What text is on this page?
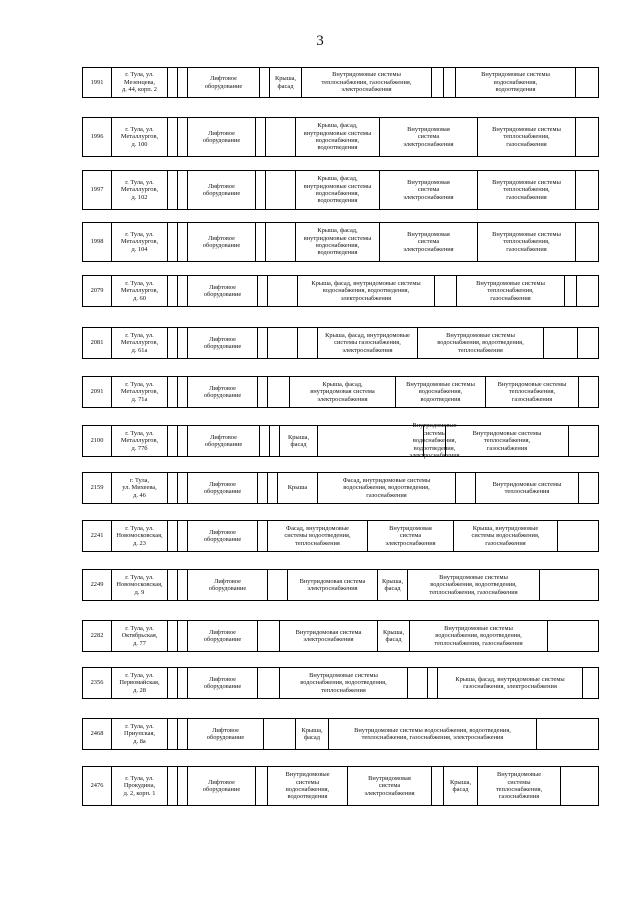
3
1991
г. Тула, ул.
Мезенцева,
д. 44, корп. 2
Лифтовое
оборудование
Крыша,
фасад
Внутридомовые системы
теплоснабжения, газоснабжения,
электроснабжения
Внутридомовые системы
водоснабжения,
водоотведения
1996
г. Тула, ул.
Металлургов,
д. 100
Лифтовое
оборудование
Крыша, фасад,
внутридомовые системы
водоснабжения,
водоотведения
Внутридомовая
система
электроснабжения
Внутридомовые системы
теплоснабжения,
газоснабжения
1997
г. Тула, ул.
Металлургов,
д. 102
Лифтовое
оборудование
Крыша, фасад,
внутридомовые системы
водоснабжения,
водоотведения
Внутридомовая
система
электроснабжения
Внутридомовые системы
теплоснабжения,
газоснабжения
1998
г. Тула, ул.
Металлургов,
д. 104
Лифтовое
оборудование
Крыша, фасад,
внутридомовые системы
водоснабжения,
водоотведения
Внутридомовая
система
электроснабжения
Внутридомовые системы
теплоснабжения,
газоснабжения
2079
г. Тула, ул.
Металлургов,
д. 60
Лифтовое
оборудование
Крыша, фасад, внутридомовые системы
водоснабжения, водоотведения,
электроснабжения
Внутридомовые системы
теплоснабжения,
газоснабжения
2081
г. Тула, ул.
Металлургов,
д. 61а
Лифтовое
оборудование
Крыша, фасад, внутридомовые
системы газоснабжения,
электроснабжения
Внутридомовые системы
водоснабжения, водоотведения,
теплоснабжения
2091
г. Тула, ул.
Металлургов,
д. 71а
Лифтовое
оборудование
Крыша, фасад,
внутридомовая система
электроснабжения
Внутридомовые системы
водоснабжения,
водоотведения
Внутридомовые системы
теплоснабжения,
газоснабжения
2100
г. Тула, ул.
Металлургов,
д. 77б
Лифтовое
оборудование
Крыша,
фасад
Внутридомовые системы
водоснабжения, водоотведения,
электроснабжения
Внутридомовые системы
теплоснабжения,
газоснабжения
2159
г. Тула,
ул. Михеева,
д. 46
Лифтовое
оборудование
Крыша
Фасад, внутридомовые системы
водоснабжения, водоотведения,
газоснабжения
Внутридомовые системы
теплоснабжения
2241
г. Тула, ул.
Новомосковская,
д. 23
Лифтовое
оборудование
Фасад, внутридомовые
системы водоотведения,
теплоснабжения
Внутридомовая
система
электроснабжения
Крыша, внутридомовые
системы водоснабжения,
газоснабжения
2249
г. Тула, ул.
Новомосковская,
д. 9
Лифтовое
оборудование
Внутридомовая система
электроснабжения
Крыша,
фасад
Внутридомовые системы
водоснабжения, водоотведения,
теплоснабжения, газоснабжения
2282
г. Тула, ул.
Октябрьская,
д. 77
Лифтовое
оборудование
Внутридомовая система
электроснабжения
Крыша,
фасад
Внутридомовые системы
водоснабжения, водоотведения,
теплоснабжения, газоснабжения
2356
г. Тула, ул.
Первомайская,
д. 28
Лифтовое
оборудование
Внутридомовые системы
водоснабжения, водоотведения,
теплоснабжения
Крыша, фасад, внутридомовые системы
газоснабжения, электроснабжения
2468
г. Тула, ул.
Приупская,
д. 8а
Лифтовое
оборудование
Крыша,
фасад
Внутридомовые системы водоснабжения, водоотведения,
теплоснабжения, газоснабжения, электроснабжения
2476
г. Тула, ул.
Прокудина,
д. 2, корп. 1
Лифтовое
оборудование
Внутридомовые
системы
водоснабжения,
водоотведения
Внутридомовая
система
электроснабжения
Крыша,
фасад
Внутридомовые
системы
теплоснабжения,
газоснабжения
